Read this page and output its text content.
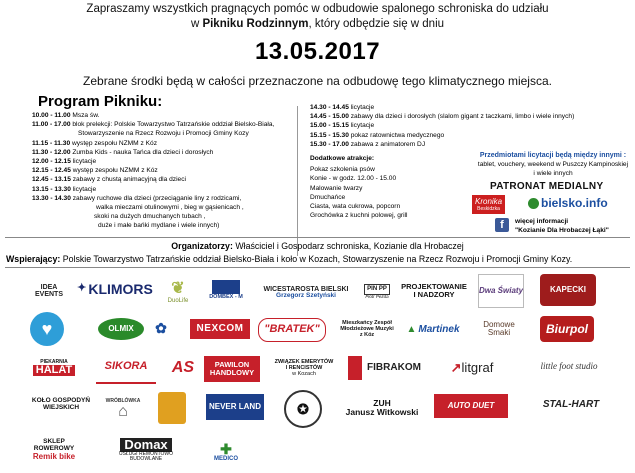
Zapraszamy wszystkich pragnących pomóc w odbudowie spalonego schroniska do udziału
w Pikniku Rodzinnym, który odbędzie się w dniu
13.05.2017
Zebrane środki będą w całości przeznaczone na odbudowę tego klimatycznego miejsca.
Program Pikniku:
10.00 - 11.00 Msza św.
11.00 - 17.00 blok prelekcji: Polskie Towarzystwo Tatrzańskie oddział Bielsko-Biała,
Stowarzyszenie na Rzecz Rozwoju i Promocji Gminy Kozy
11.15 - 11.30 występ zespołu NZMM z Kóz
11.30 - 12.00 Zumba Kids - nauka Tańca dla dzieci i dorosłych
12.00 - 12.15 licytacje
12.15 - 12.45 występ zespołu NZMM z Kóz
12.45 - 13.15 zabawy z chustą animacyjną dla dzieci
13.15 - 13.30 licytacje
13.30 - 14.30 zabawy ruchowe dla dzieci (przeciąganie liny z rodzicami,
walka mieczami otulinowymi , bieg w gąsienicach ,
skoki na dużych dmuchanych tubach ,
duże i małe bańki mydlane i wiele innych)
14.30 - 14.45 licytacje
14.45 - 15.00 zabawy dla dzieci i dorosłych (slalom gigant z taczkami, limbo i wiele innych)
15.00 - 15.15 licytacje
15.15 - 15.30 pokaz ratownictwa medycznego
15.30 - 17.00 zabawa z animatorem DJ
Dodatkowe atrakcje:
Pokaz szkolenia psów
Konie - w godz. 12.00 - 15.00
Malowanie twarzy
Dmuchańce
Ciasta, wata cukrowa, popcorn
Grochówka z kuchni polowej, grill
Przedmiotami licytacji będą między innymi :
tablet, vouchery, weekend w Puszczy Kampinoskiej
i wiele innych
PATRONAT MEDIALNY
Kronika
Beskidzka	bielsko.info
f	więcej informacji
"Kozianie Dla Hrobaczej Łąki"
Organizatorzy: Właściciel i Gospodarz schroniska, Kozianie dla Hrobaczej
Wspierający: Polskie Towarzystwo Tatrzańskie oddział Bielsko-Biała i koło w Kozach, Stowarzyszenie na Rzecz Rozwoju i Promocji Gminy Kozy.
IDEA EVENTS
✦ KLIMORS ❦
DuoLife
DOMBEX - M
WICESTAROSTA BIELSKI
Grzegorz Szetyński
PIN PP
Piotr Pezda
PROJEKTOWANIE
I NADZORY	Dwa Światy	KAPECKI
♥	OLMIX ✿	NEXCOM "BRATEK"	Mieszkańcy Zespół
Młodzieżowe Muzyki
z Kóz
▲ Martinek	Domowe
Smaki	Biurpol
PIEKARNIA
HALAT	SIKORA AS	PAWILON
HANDLOWY
ZWIĄZEK EMERYTÓW
I RENCISTÓW
w Kozach
FIBRAKOM ↗ litgraf	little foot studio
KOŁO GOSPODYŃ
WIEJSKICH
WRÓBLÓWKA
⌂	NEVER LAND	✪	ZUH
Janusz Witkowski
AUTO DUET	STAL-HART
SKLEP
ROWEROWY
Remik bike
Domax
USŁUGI REMONTOWO BUDOWLANE
✚
MEDICO
